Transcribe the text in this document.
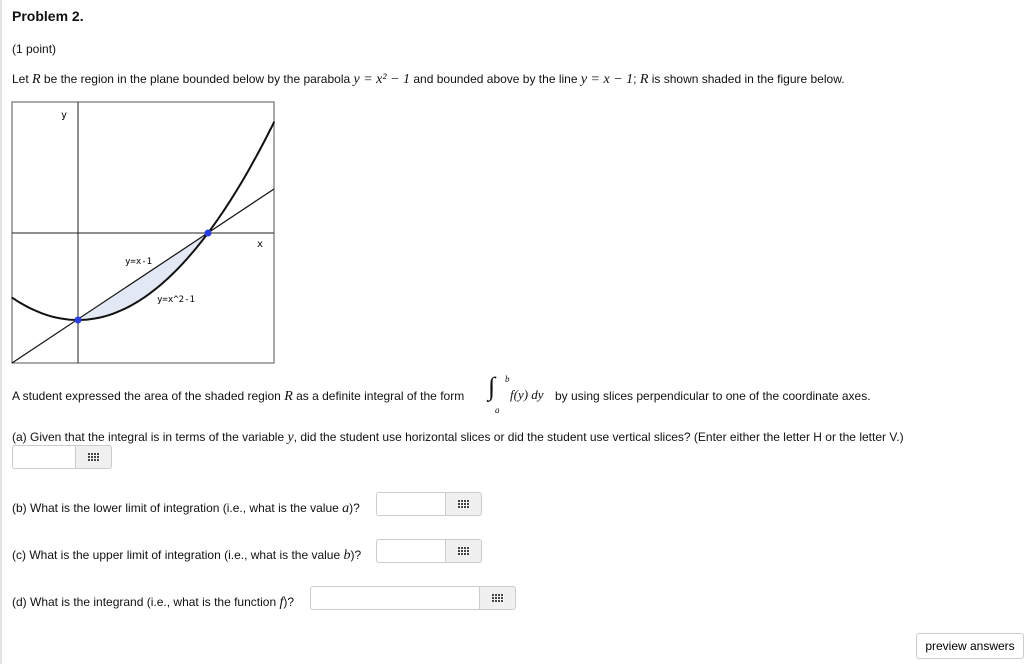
Problem 2.
(1 point)
Let R be the region in the plane bounded below by the parabola y = x² − 1 and bounded above by the line y = x − 1; R is shown shaded in the figure below.
y
x
y=x-1
y=x^2-1
A student expressed the area of the shaded region R as a definite integral of the form ∫ b
a
f(y) dy by using slices perpendicular to one of the coordinate axes.
(a) Given that the integral is in terms of the variable y, did the student use horizontal slices or did the student use vertical slices? (Enter either the letter H or the letter V.)
(b) What is the lower limit of integration (i.e., what is the value a)?
(c) What is the upper limit of integration (i.e., what is the value b)?
(d) What is the integrand (i.e., what is the function f)?
preview answers
